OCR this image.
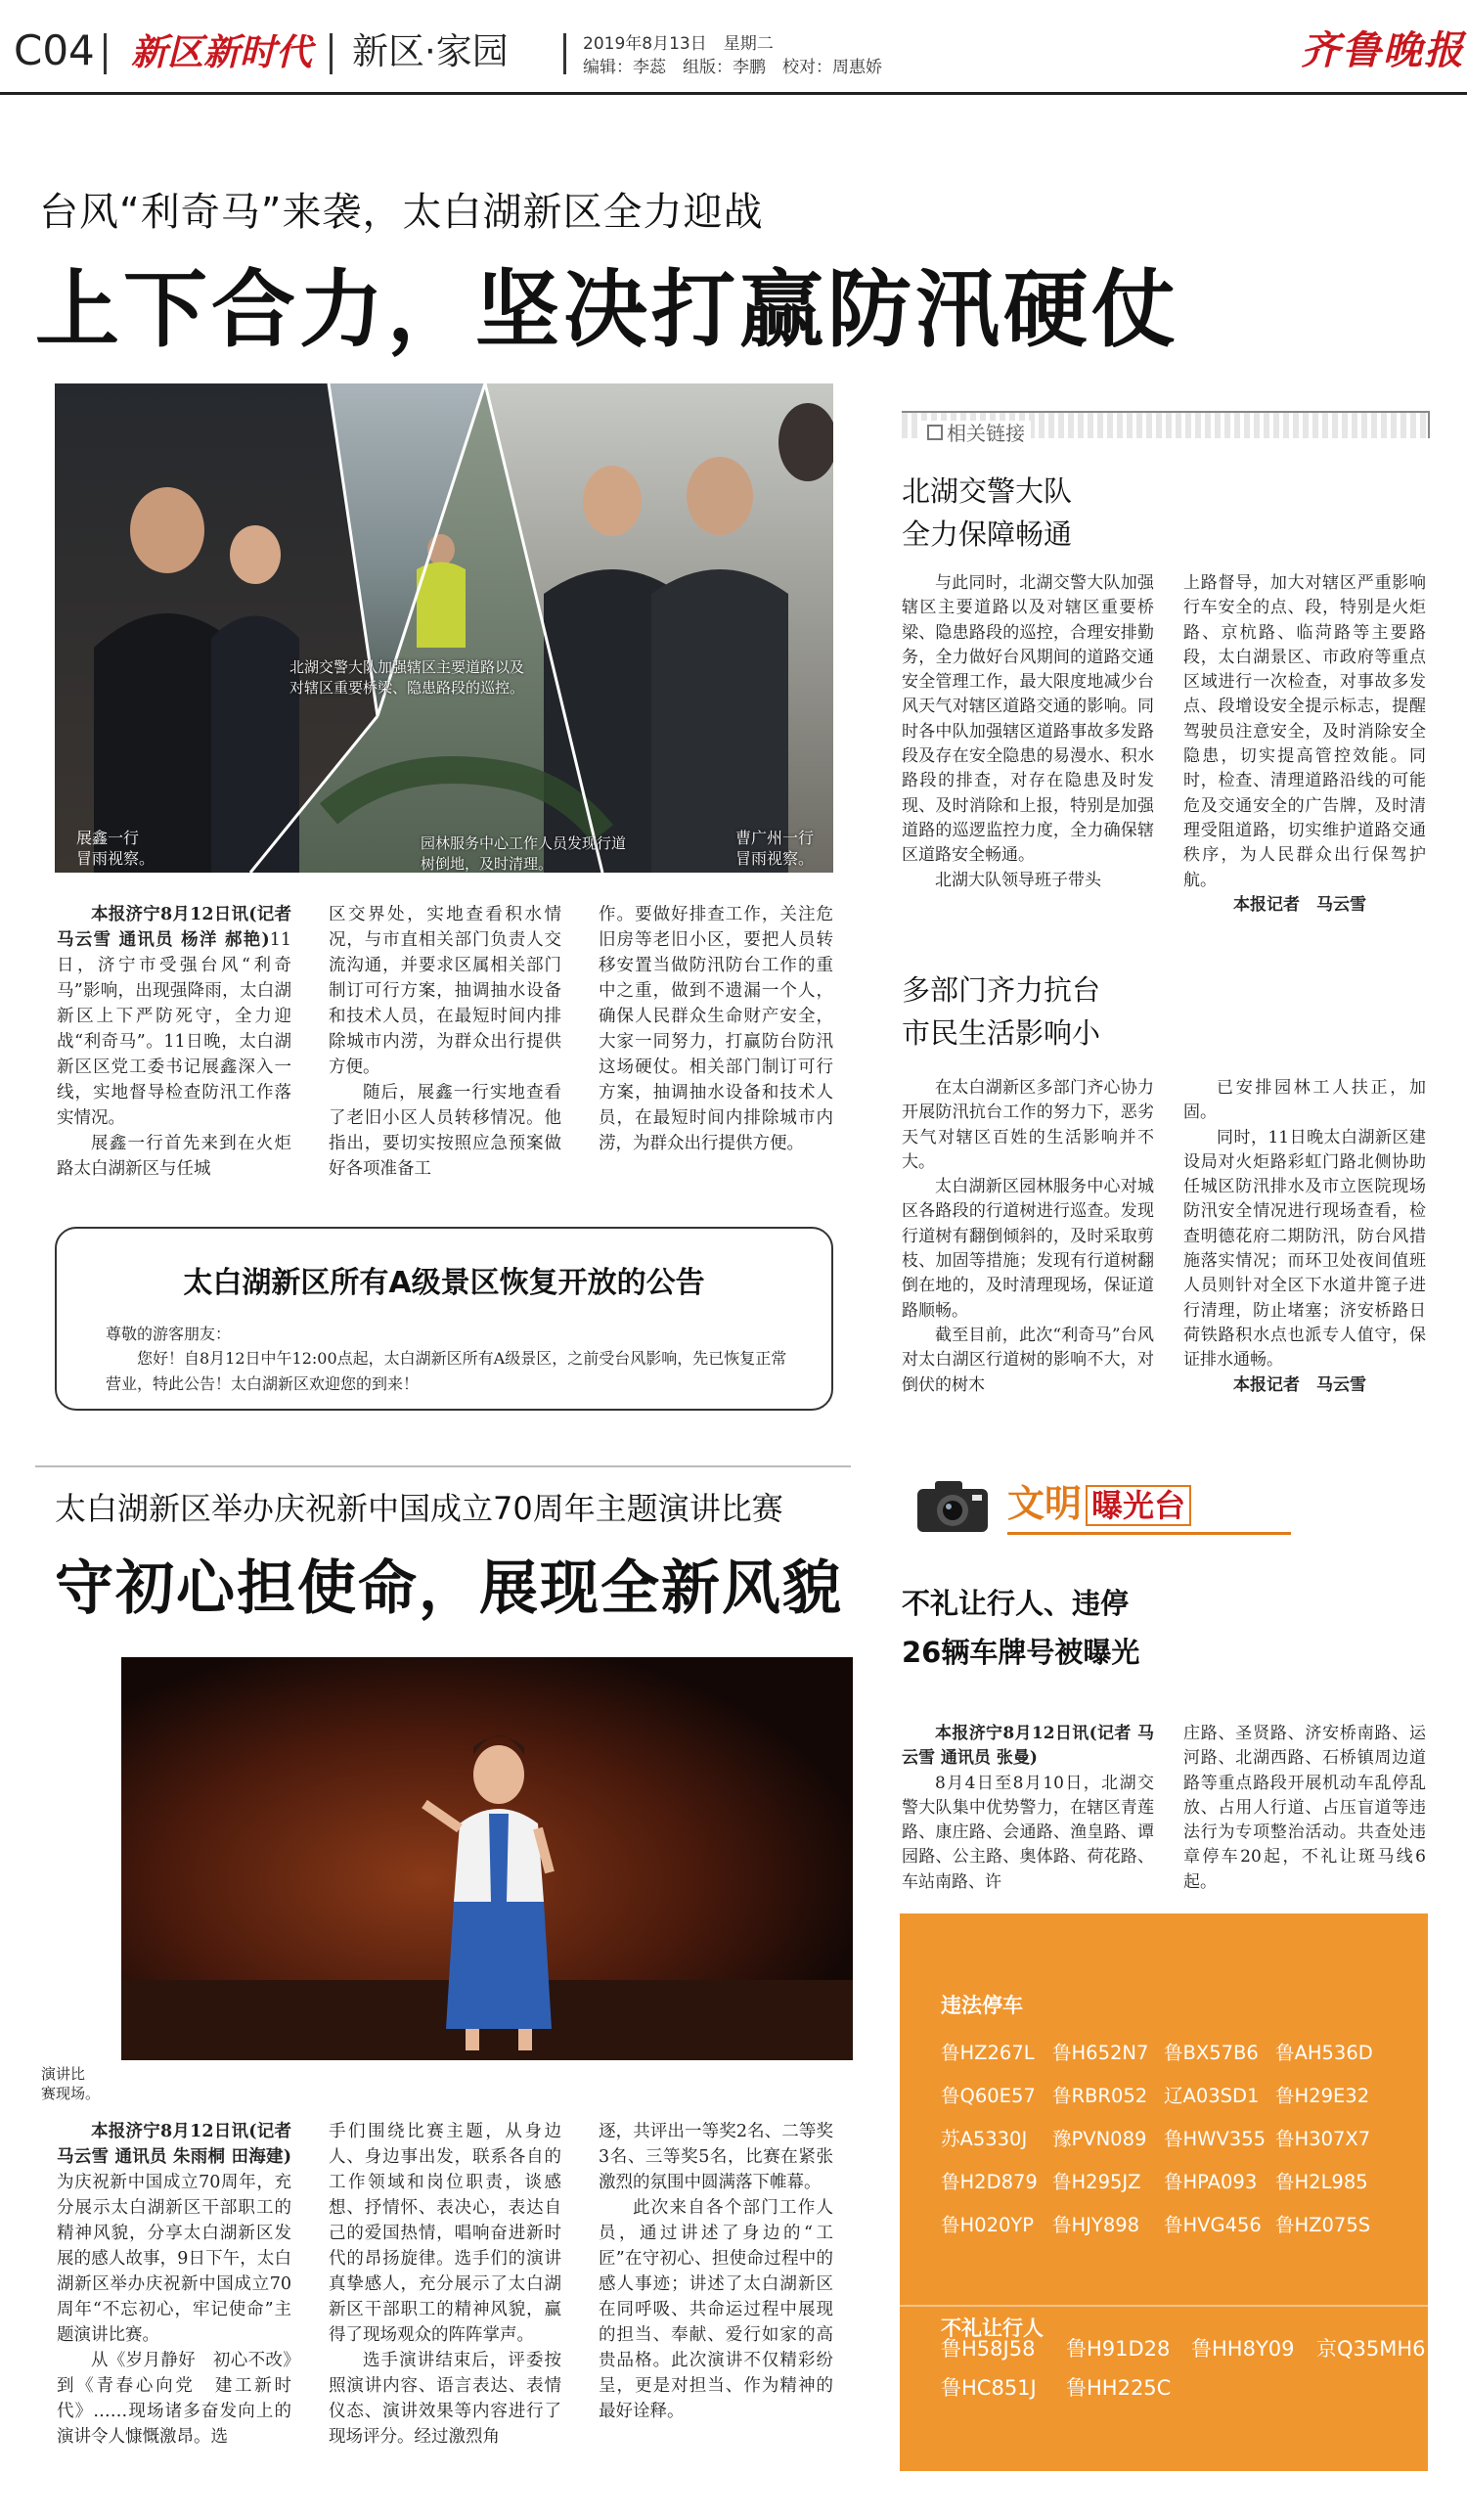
C04 新区新时代 新区·家园	2019年8月13日　星期二
编辑：李蕊　组版：李鹏　校对：周惠娇	齐鲁晚报
台风“利奇马”来袭，太白湖新区全力迎战
上下合力，坚决打赢防汛硬仗
展鑫一行
冒雨视察。
北湖交警大队加强辖区主要道路以及
对辖区重要桥梁、隐患路段的巡控。
园林服务中心工作人员发现行道
树倒地，及时清理。
曹广州一行
冒雨视察。

本报济宁8月12日讯(记者 马云雪 通讯员 杨洋 郝艳)11日，济宁市受强台风“利奇马”影响，出现强降雨，太白湖新区上下严防死守，全力迎战“利奇马”。11日晚，太白湖新区区党工委书记展鑫深入一线，实地督导检查防汛工作落实情况。

展鑫一行首先来到在火炬路太白湖新区与任城

区交界处，实地查看积水情况，与市直相关部门负责人交流沟通，并要求区属相关部门制订可行方案，抽调抽水设备和技术人员，在最短时间内排除城市内涝，为群众出行提供方便。

随后，展鑫一行实地查看了老旧小区人员转移情况。他指出，要切实按照应急预案做好各项准备工

作。要做好排查工作，关注危旧房等老旧小区，要把人员转移安置当做防汛防台工作的重中之重，做到不遗漏一个人，确保人民群众生命财产安全，大家一同努力，打赢防台防汛这场硬仗。相关部门制订可行方案，抽调抽水设备和技术人员，在最短时间内排除城市内涝，为群众出行提供方便。

太白湖新区所有A级景区恢复开放的公告
尊敬的游客朋友：
您好！自8月12日中午12:00点起，太白湖新区所有A级景区，之前受台风影响，先已恢复正常营业，特此公告！太白湖新区欢迎您的到来！
相关链接
北湖交警大队
全力保障畅通

与此同时，北湖交警大队加强辖区主要道路以及对辖区重要桥梁、隐患路段的巡控，合理安排勤务，全力做好台风期间的道路交通安全管理工作，最大限度地减少台风天气对辖区道路交通的影响。同时各中队加强辖区道路事故多发路段及存在安全隐患的易漫水、积水路段的排查，对存在隐患及时发现、及时消除和上报，特别是加强道路的巡逻监控力度，全力确保辖区道路安全畅通。

北湖大队领导班子带头

上路督导，加大对辖区严重影响行车安全的点、段，特别是火炬路、京杭路、临菏路等主要路段，太白湖景区、市政府等重点区域进行一次检查，对事故多发点、段增设安全提示标志，提醒驾驶员注意安全，及时消除安全隐患，切实提高管控效能。同时，检查、清理道路沿线的可能危及交通安全的广告牌，及时清理受阻道路，切实维护道路交通秩序，为人民群众出行保驾护航。

本报记者　马云雪

多部门齐力抗台
市民生活影响小

在太白湖新区多部门齐心协力开展防汛抗台工作的努力下，恶劣天气对辖区百姓的生活影响并不大。

太白湖新区园林服务中心对城区各路段的行道树进行巡查。发现行道树有翻倒倾斜的，及时采取剪枝、加固等措施；发现有行道树翻倒在地的，及时清理现场，保证道路顺畅。

截至目前，此次“利奇马”台风对太白湖区行道树的影响不大，对倒伏的树木

已安排园林工人扶正，加固。

同时，11日晚太白湖新区建设局对火炬路彩虹门路北侧协助任城区防汛排水及市立医院现场防汛安全情况进行现场查看，检查明德花府二期防汛，防台风措施落实情况；而环卫处夜间值班人员则针对全区下水道井篦子进行清理，防止堵塞；济安桥路日荷铁路积水点也派专人值守，保证排水通畅。

本报记者　马云雪

太白湖新区举办庆祝新中国成立70周年主题演讲比赛
守初心担使命，展现全新风貌
演讲比
赛现场。

本报济宁8月12日讯(记者 马云雪 通讯员 朱雨桐 田海建)为庆祝新中国成立70周年，充分展示太白湖新区干部职工的精神风貌，分享太白湖新区发展的感人故事，9日下午，太白湖新区举办庆祝新中国成立70周年“不忘初心，牢记使命”主题演讲比赛。

从《岁月静好　初心不改》到《青春心向党　建工新时代》……现场诸多奋发向上的演讲令人慷慨激昂。选

手们围绕比赛主题，从身边人、身边事出发，联系各自的工作领域和岗位职责，谈感想、抒情怀、表决心，表达自己的爱国热情，唱响奋进新时代的昂扬旋律。选手们的演讲真挚感人，充分展示了太白湖新区干部职工的精神风貌，赢得了现场观众的阵阵掌声。

选手演讲结束后，评委按照演讲内容、语言表达、表情仪态、演讲效果等内容进行了现场评分。经过激烈角

逐，共评出一等奖2名、二等奖3名、三等奖5名，比赛在紧张激烈的氛围中圆满落下帷幕。

此次来自各个部门工作人员，通过讲述了身边的“工匠”在守初心、担使命过程中的感人事迹；讲述了太白湖新区在同呼吸、共命运过程中展现的担当、奉献、爱行如家的高贵品格。此次演讲不仅精彩纷呈，更是对担当、作为精神的最好诠释。

文明 曝光台
不礼让行人、违停
26辆车牌号被曝光

本报济宁8月12日讯(记者 马云雪 通讯员 张曼)

8月4日至8月10日，北湖交警大队集中优势警力，在辖区青莲路、康庄路、会通路、渔皇路、谭园路、公主路、奥体路、荷花路、车站南路、许

庄路、圣贤路、济安桥南路、运河路、北湖西路、石桥镇周边道路等重点路段开展机动车乱停乱放、占用人行道、占压盲道等违法行为专项整治活动。共查处违章停车20起，不礼让斑马线6起。

违法停车
鲁HZ267L 鲁H652N7 鲁BX57B6 鲁AH536D
鲁Q60E57 鲁RBR052 辽A03SD1 鲁H29E32
苏A5330J 豫PVN089 鲁HWV355 鲁H307X7
鲁H2D879 鲁H295JZ 鲁HPA093 鲁H2L985
鲁H020YP 鲁HJY898 鲁HVG456 鲁HZ075S
不礼让行人
鲁H58J58 鲁H91D28 鲁HH8Y09 京Q35MH6
鲁HC851J 鲁HH225C
